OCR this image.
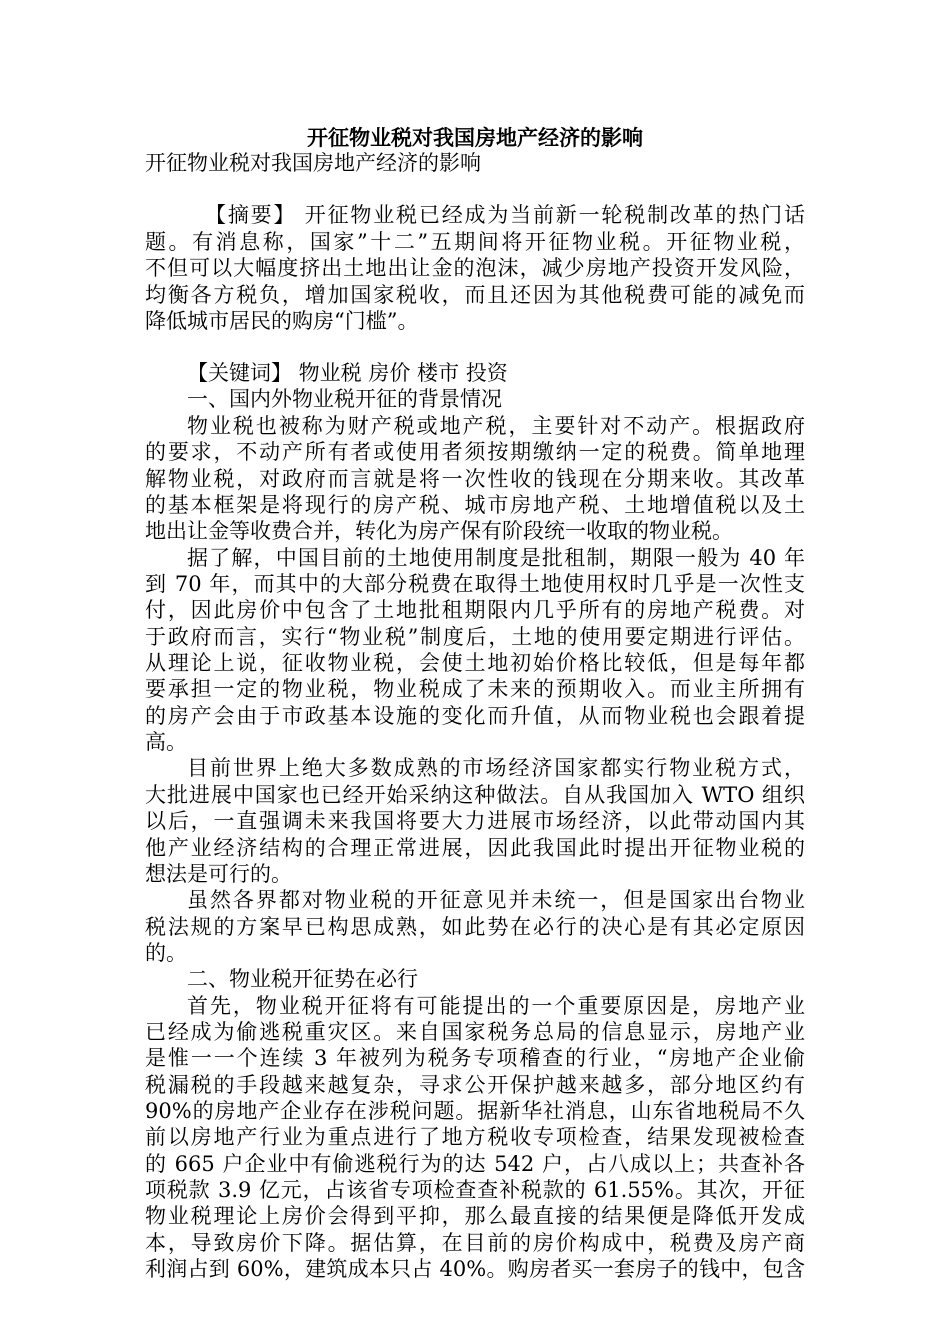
开征物业税对我国房地产经济的影响
开征物业税对我国房地产经济的影响
【摘要】 开征物业税已经成为当前新一轮税制改革的热门话
题。有消息称，国家”十二”五期间将开征物业税。开征物业税，
不但可以大幅度挤出土地出让金的泡沫，减少房地产投资开发风险，
均衡各方税负，增加国家税收，而且还因为其他税费可能的减免而
降低城市居民的购房“门槛”。
【关键词】 物业税 房价 楼市 投资
一、国内外物业税开征的背景情况
物业税也被称为财产税或地产税，主要针对不动产。根据政府
的要求，不动产所有者或使用者须按期缴纳一定的税费。简单地理
解物业税，对政府而言就是将一次性收的钱现在分期来收。其改革
的基本框架是将现行的房产税、城市房地产税、土地增值税以及土
地出让金等收费合并，转化为房产保有阶段统一收取的物业税。
据了解，中国目前的土地使用制度是批租制，期限一般为 40 年
到 70 年，而其中的大部分税费在取得土地使用权时几乎是一次性支
付，因此房价中包含了土地批租期限内几乎所有的房地产税费。对
于政府而言，实行“物业税”制度后，土地的使用要定期进行评估。
从理论上说，征收物业税，会使土地初始价格比较低，但是每年都
要承担一定的物业税，物业税成了未来的预期收入。而业主所拥有
的房产会由于市政基本设施的变化而升值，从而物业税也会跟着提
高。
目前世界上绝大多数成熟的市场经济国家都实行物业税方式，
大批进展中国家也已经开始采纳这种做法。自从我国加入 WTO 组织
以后，一直强调未来我国将要大力进展市场经济，以此带动国内其
他产业经济结构的合理正常进展，因此我国此时提出开征物业税的
想法是可行的。
虽然各界都对物业税的开征意见并未统一，但是国家出台物业
税法规的方案早已构思成熟，如此势在必行的决心是有其必定原因
的。
二、物业税开征势在必行
首先，物业税开征将有可能提出的一个重要原因是，房地产业
已经成为偷逃税重灾区。来自国家税务总局的信息显示，房地产业
是惟一一个连续 3 年被列为税务专项稽查的行业，“房地产企业偷
税漏税的手段越来越复杂，寻求公开保护越来越多，部分地区约有
90%的房地产企业存在涉税问题。据新华社消息，山东省地税局不久
前以房地产行业为重点进行了地方税收专项检查，结果发现被检查
的 665 户企业中有偷逃税行为的达 542 户，占八成以上；共查补各
项税款 3.9 亿元，占该省专项检查查补税款的 61.55%。其次，开征
物业税理论上房价会得到平抑，那么最直接的结果便是降低开发成
本，导致房价下降。据估算，在目前的房价构成中，税费及房产商
利润占到 60%，建筑成本只占 40%。购房者买一套房子的钱中，包含
